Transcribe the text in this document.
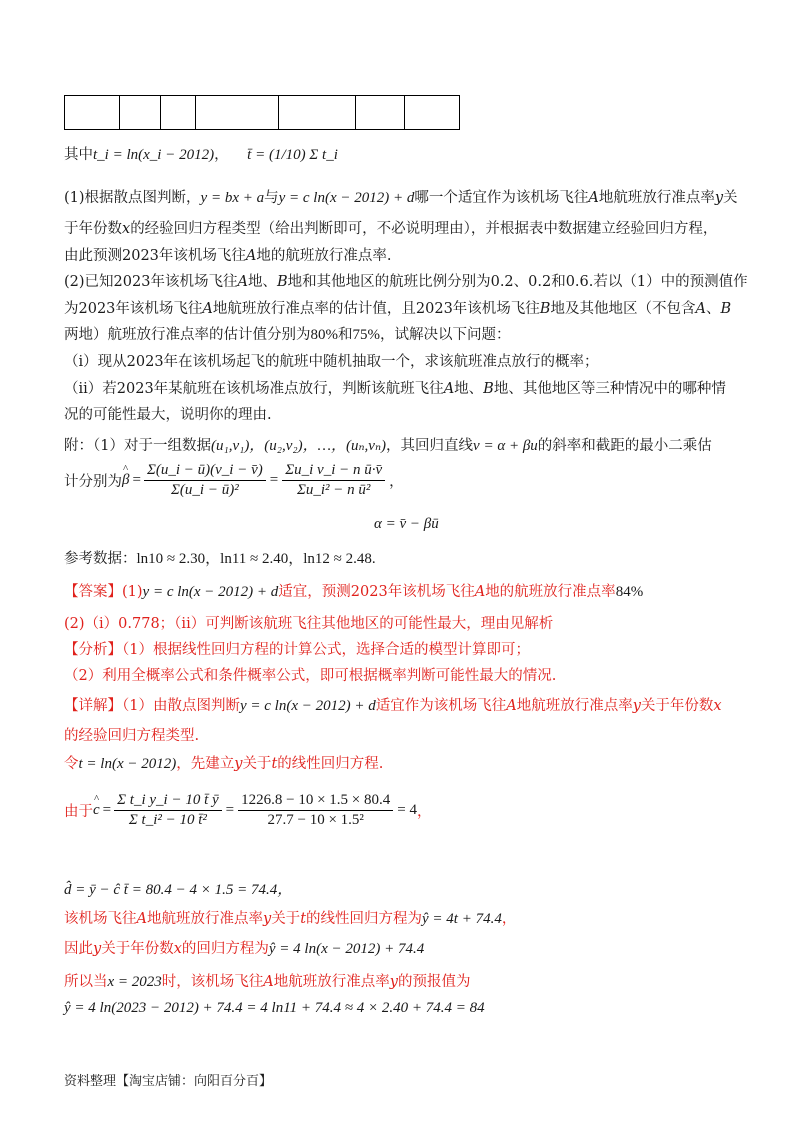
其中t_i = ln(x_i − 2012)， t̄ = (1/10) Σ t_i
(1)根据散点图判断，y = bx + a与y = c ln(x − 2012) + d哪一个适宜作为该机场飞往A地航班放行准点率y关
于年份数x的经验回归方程类型（给出判断即可，不必说明理由），并根据表中数据建立经验回归方程，
由此预测2023年该机场飞往A地的航班放行准点率.
(2)已知2023年该机场飞往A地、B地和其他地区的航班比例分别为0.2、0.2和0.6.若以（1）中的预测值作
为2023年该机场飞往A地航班放行准点率的估计值，且2023年该机场飞往B地及其他地区（不包含A、B
两地）航班放行准点率的估计值分别为80%和75%，试解决以下问题：
（i）现从2023年在该机场起飞的航班中随机抽取一个，求该航班准点放行的概率；
（ii）若2023年某航班在该机场准点放行，判断该航班飞往A地、B地、其他地区等三种情况中的哪种情
况的可能性最大，说明你的理由.
附：（1）对于一组数据(u₁,v₁)，(u₂,v₂)，…，(uₙ,vₙ)，其回归直线v = α + βu的斜率和截距的最小二乘估
计分别为 ^ $\beta = \frac{\Sigma(u\_i - ū)(v\_i - v̄)}{\text{Σ(u\_i − ū)²}} = \frac{\text{Σu\_i v\_i − n ū·v̄}}{\text{Σu\_i² − n ū²}}$ ，
α = v̄ − βū
参考数据：ln10 ≈ 2.30，ln11 ≈ 2.40，ln12 ≈ 2.48.
【答案】(1)y = c ln(x − 2012) + d适宜，预测2023年该机场飞往A地的航班放行准点率84%
(2)（i）0.778；（ii）可判断该航班飞往其他地区的可能性最大，理由见解析
【分析】（1）根据线性回归方程的计算公式，选择合适的模型计算即可；
（2）利用全概率公式和条件概率公式，即可根据概率判断可能性最大的情况.
【详解】（1）由散点图判断y = c ln(x − 2012) + d适宜作为该机场飞往A地航班放行准点率y关于年份数x
的经验回归方程类型.
令t = ln(x − 2012)，先建立y关于t的线性回归方程.
由于 ^ $c = \frac{\text{Σ t\_i y\_i − 10 t̄ ȳ}}{\text{Σ t\_i² − 10 t̄²}} = \frac{1226.8 - 10 \times 1.5 \times 80.4}{\text{27.7 − 10 × 1.5²}} = 4$ ，
d̂ = ȳ − ĉ t̄ = 80.4 − 4 × 1.5 = 74.4，
该机场飞往A地航班放行准点率y关于t的线性回归方程为ŷ = 4t + 74.4，
因此y关于年份数x的回归方程为ŷ = 4 ln(x − 2012) + 74.4
所以当x = 2023时，该机场飞往A地航班放行准点率y的预报值为
ŷ = 4 ln(2023 − 2012) + 74.4 = 4 ln11 + 74.4 ≈ 4 × 2.40 + 74.4 = 84
资料整理【淘宝店铺：向阳百分百】
